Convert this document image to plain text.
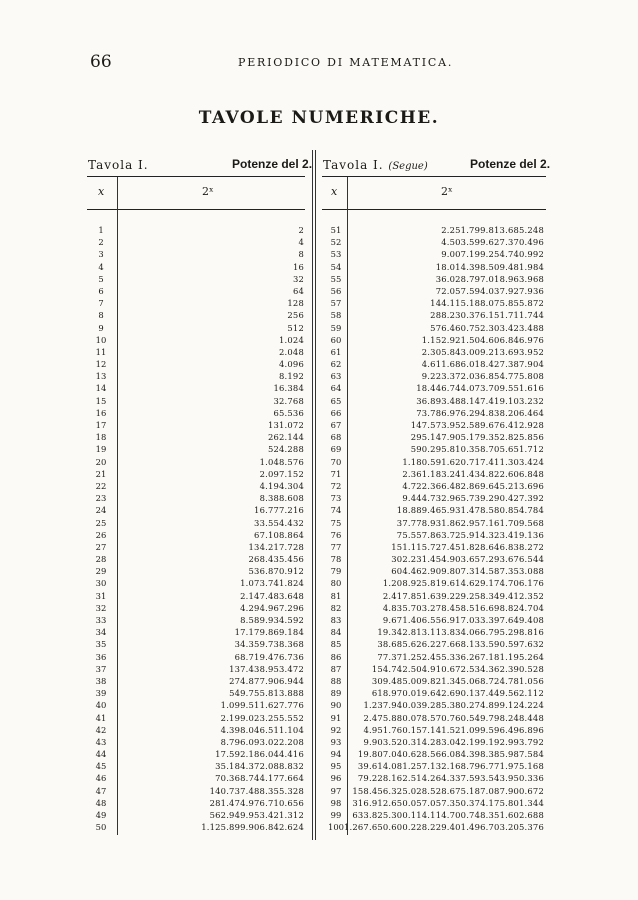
66	PERIODICO DI MATEMATICA.
TAVOLE NUMERICHE.
Tavola I.	Potenze del 2. Tavola I. (Segue)	Potenze del 2.
x	2ˣ	x	2ˣ
1	2
2	4
3	8
4	16
5	32
6	64
7	128
8	256
9	512
10	1.024
11	2.048
12	4.096
13	8.192
14	16.384
15	32.768
16	65.536
17	131.072
18	262.144
19	524.288
20	1.048.576
21	2.097.152
22	4.194.304
23	8.388.608
24	16.777.216
25	33.554.432
26	67.108.864
27	134.217.728
28	268.435.456
29	536.870.912
30	1.073.741.824
31	2.147.483.648
32	4.294.967.296
33	8.589.934.592
34	17.179.869.184
35	34.359.738.368
36	68.719.476.736
37	137.438.953.472
38	274.877.906.944
39	549.755.813.888
40	1.099.511.627.776
41	2.199.023.255.552
42	4.398.046.511.104
43	8.796.093.022.208
44	17.592.186.044.416
45	35.184.372.088.832
46	70.368.744.177.664
47	140.737.488.355.328
48	281.474.976.710.656
49	562.949.953.421.312
50	1.125.899.906.842.624
51	2.251.799.813.685.248
52	4.503.599.627.370.496
53	9.007.199.254.740.992
54	18.014.398.509.481.984
55	36.028.797.018.963.968
56	72.057.594.037.927.936
57	144.115.188.075.855.872
58	288.230.376.151.711.744
59	576.460.752.303.423.488
60	1.152.921.504.606.846.976
61	2.305.843.009.213.693.952
62	4.611.686.018.427.387.904
63	9.223.372.036.854.775.808
64	18.446.744.073.709.551.616
65	36.893.488.147.419.103.232
66	73.786.976.294.838.206.464
67	147.573.952.589.676.412.928
68	295.147.905.179.352.825.856
69	590.295.810.358.705.651.712
70	1.180.591.620.717.411.303.424
71	2.361.183.241.434.822.606.848
72	4.722.366.482.869.645.213.696
73	9.444.732.965.739.290.427.392
74	18.889.465.931.478.580.854.784
75	37.778.931.862.957.161.709.568
76	75.557.863.725.914.323.419.136
77	151.115.727.451.828.646.838.272
78	302.231.454.903.657.293.676.544
79	604.462.909.807.314.587.353.088
80	1.208.925.819.614.629.174.706.176
81	2.417.851.639.229.258.349.412.352
82	4.835.703.278.458.516.698.824.704
83	9.671.406.556.917.033.397.649.408
84	19.342.813.113.834.066.795.298.816
85	38.685.626.227.668.133.590.597.632
86	77.371.252.455.336.267.181.195.264
87	154.742.504.910.672.534.362.390.528
88	309.485.009.821.345.068.724.781.056
89	618.970.019.642.690.137.449.562.112
90	1.237.940.039.285.380.274.899.124.224
91	2.475.880.078.570.760.549.798.248.448
92	4.951.760.157.141.521.099.596.496.896
93	9.903.520.314.283.042.199.192.993.792
94	19.807.040.628.566.084.398.385.987.584
95	39.614.081.257.132.168.796.771.975.168
96	79.228.162.514.264.337.593.543.950.336
97	158.456.325.028.528.675.187.087.900.672
98	316.912.650.057.057.350.374.175.801.344
99	633.825.300.114.114.700.748.351.602.688
100 1.267.650.600.228.229.401.496.703.205.376
